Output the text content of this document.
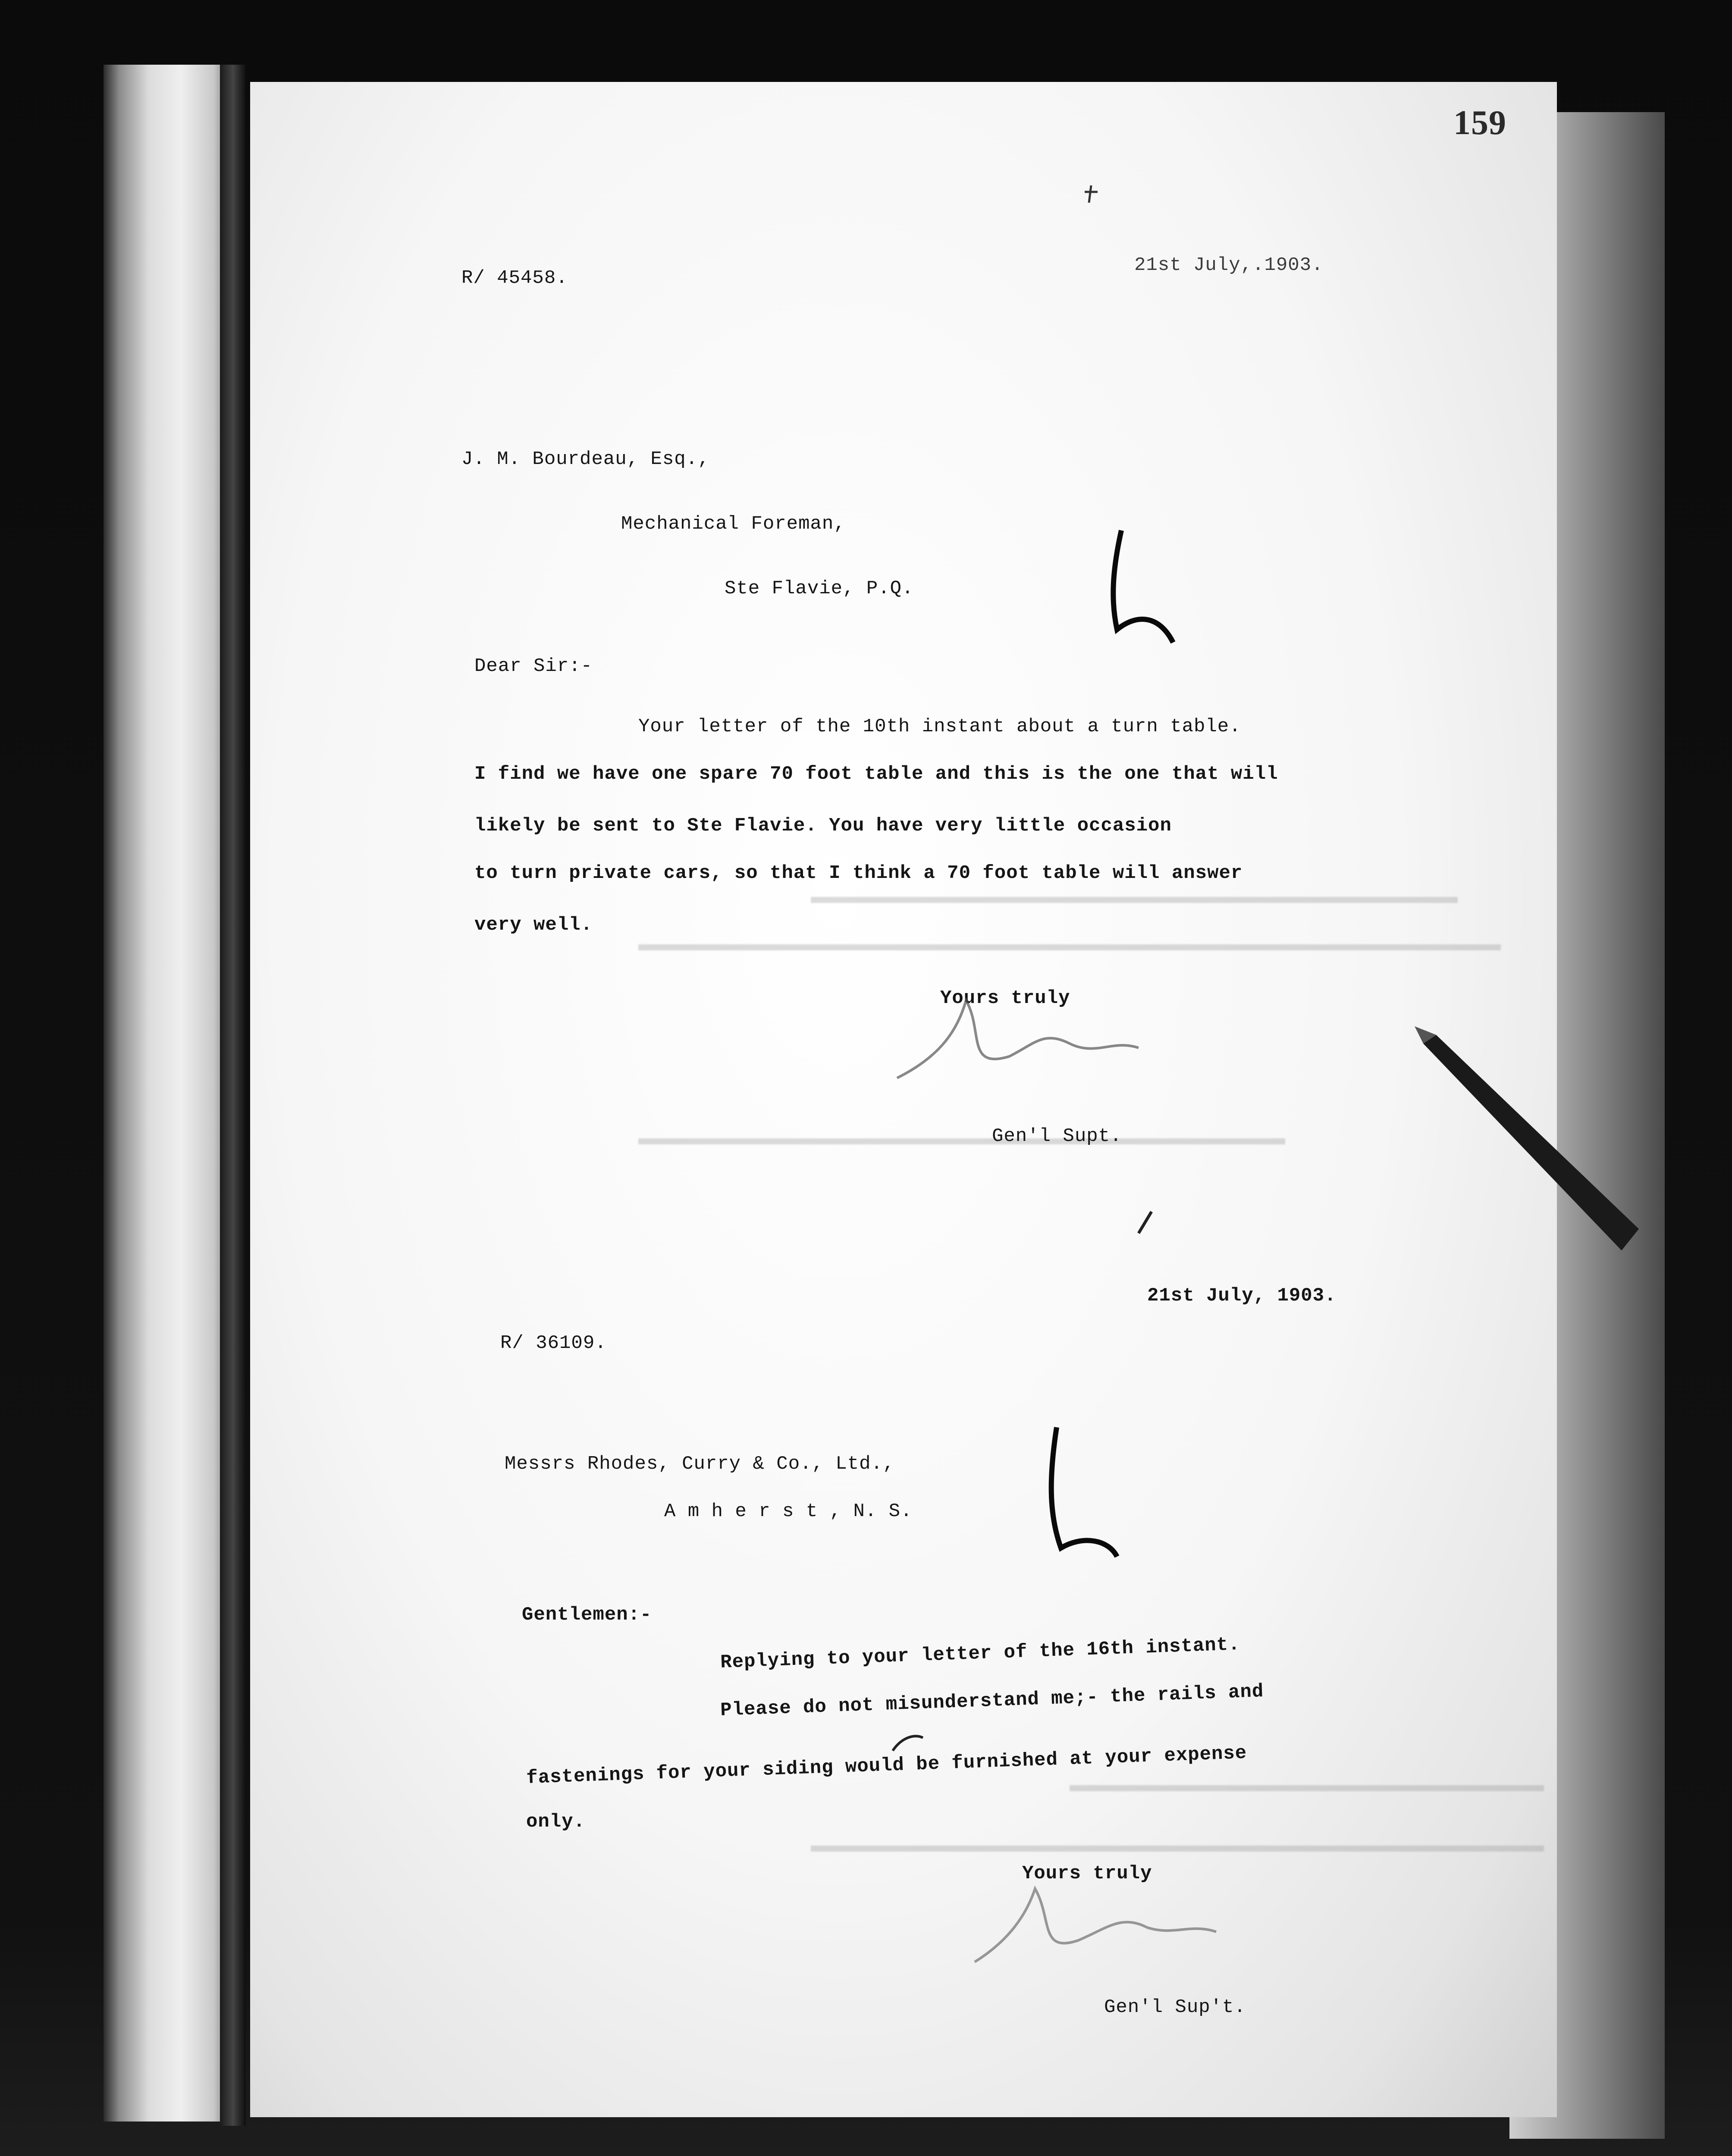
159
R/ 45458.
21st July,.1903.
J. M. Bourdeau, Esq.,
Mechanical Foreman,
Ste Flavie, P.Q.
Dear Sir:-
Your letter of the 10th instant about a turn table.
I find we have one spare 70 foot table and this is the one that will
likely be sent to Ste Flavie. You have very little occasion
to turn private cars, so that I think a 70 foot table will answer
very well.
Yours truly
Gen'l Supt.
21st July, 1903.
R/ 36109.
Messrs Rhodes, Curry & Co., Ltd.,
A m h e r s t , N. S.
Gentlemen:-
Replying to your letter of the 16th instant.
Please do not misunderstand me;- the rails and
fastenings for your siding would be furnished at your expense
only.
Yours truly
Gen'l Sup't.
